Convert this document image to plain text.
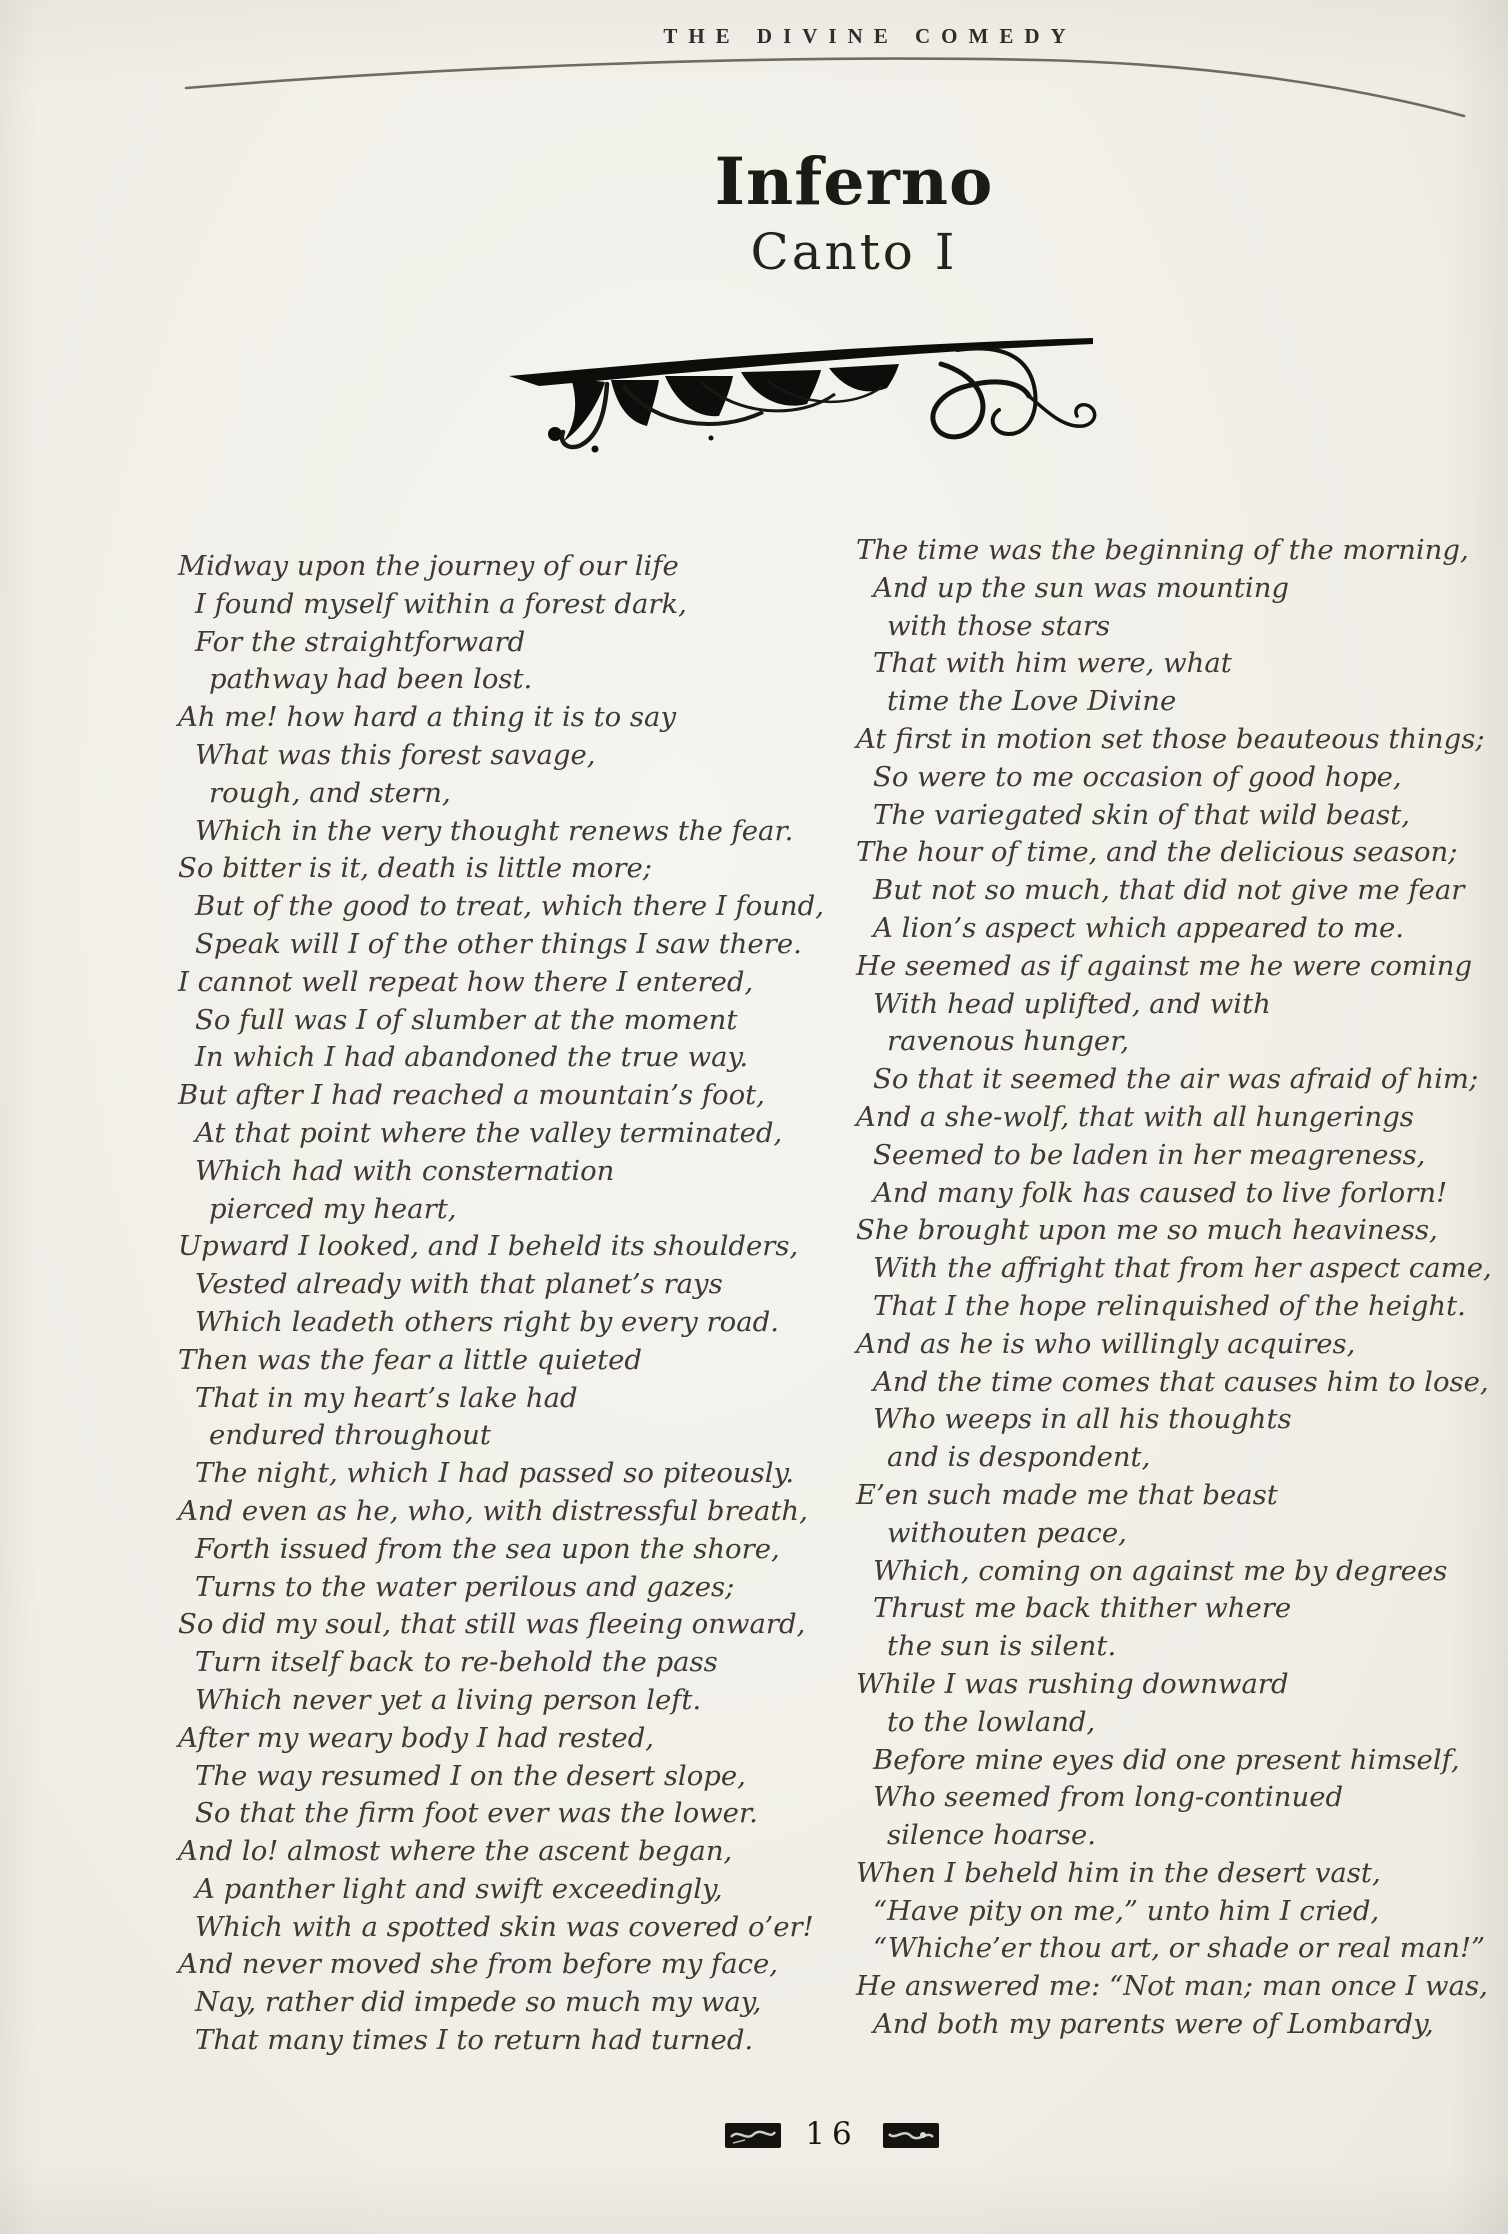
THE DIVINE COMEDY
Inferno
Canto I
Midway upon the journey of our life
I found myself within a forest dark,
For the straightforward
pathway had been lost.
Ah me! how hard a thing it is to say
What was this forest savage,
rough, and stern,
Which in the very thought renews the fear.
So bitter is it, death is little more;
But of the good to treat, which there I found,
Speak will I of the other things I saw there.
I cannot well repeat how there I entered,
So full was I of slumber at the moment
In which I had abandoned the true way.
But after I had reached a mountain’s foot,
At that point where the valley terminated,
Which had with consternation
pierced my heart,
Upward I looked, and I beheld its shoulders,
Vested already with that planet’s rays
Which leadeth others right by every road.
Then was the fear a little quieted
That in my heart’s lake had
endured throughout
The night, which I had passed so piteously.
And even as he, who, with distressful breath,
Forth issued from the sea upon the shore,
Turns to the water perilous and gazes;
So did my soul, that still was fleeing onward,
Turn itself back to re-behold the pass
Which never yet a living person left.
After my weary body I had rested,
The way resumed I on the desert slope,
So that the firm foot ever was the lower.
And lo! almost where the ascent began,
A panther light and swift exceedingly,
Which with a spotted skin was covered o’er!
And never moved she from before my face,
Nay, rather did impede so much my way,
That many times I to return had turned.
The time was the beginning of the morning,
And up the sun was mounting
with those stars
That with him were, what
time the Love Divine
At first in motion set those beauteous things;
So were to me occasion of good hope,
The variegated skin of that wild beast,
The hour of time, and the delicious season;
But not so much, that did not give me fear
A lion’s aspect which appeared to me.
He seemed as if against me he were coming
With head uplifted, and with
ravenous hunger,
So that it seemed the air was afraid of him;
And a she-wolf, that with all hungerings
Seemed to be laden in her meagreness,
And many folk has caused to live forlorn!
She brought upon me so much heaviness,
With the affright that from her aspect came,
That I the hope relinquished of the height.
And as he is who willingly acquires,
And the time comes that causes him to lose,
Who weeps in all his thoughts
and is despondent,
E’en such made me that beast
withouten peace,
Which, coming on against me by degrees
Thrust me back thither where
the sun is silent.
While I was rushing downward
to the lowland,
Before mine eyes did one present himself,
Who seemed from long-continued
silence hoarse.
When I beheld him in the desert vast,
“Have pity on me,” unto him I cried,
“Whiche’er thou art, or shade or real man!”
He answered me: “Not man; man once I was,
And both my parents were of Lombardy,
16
